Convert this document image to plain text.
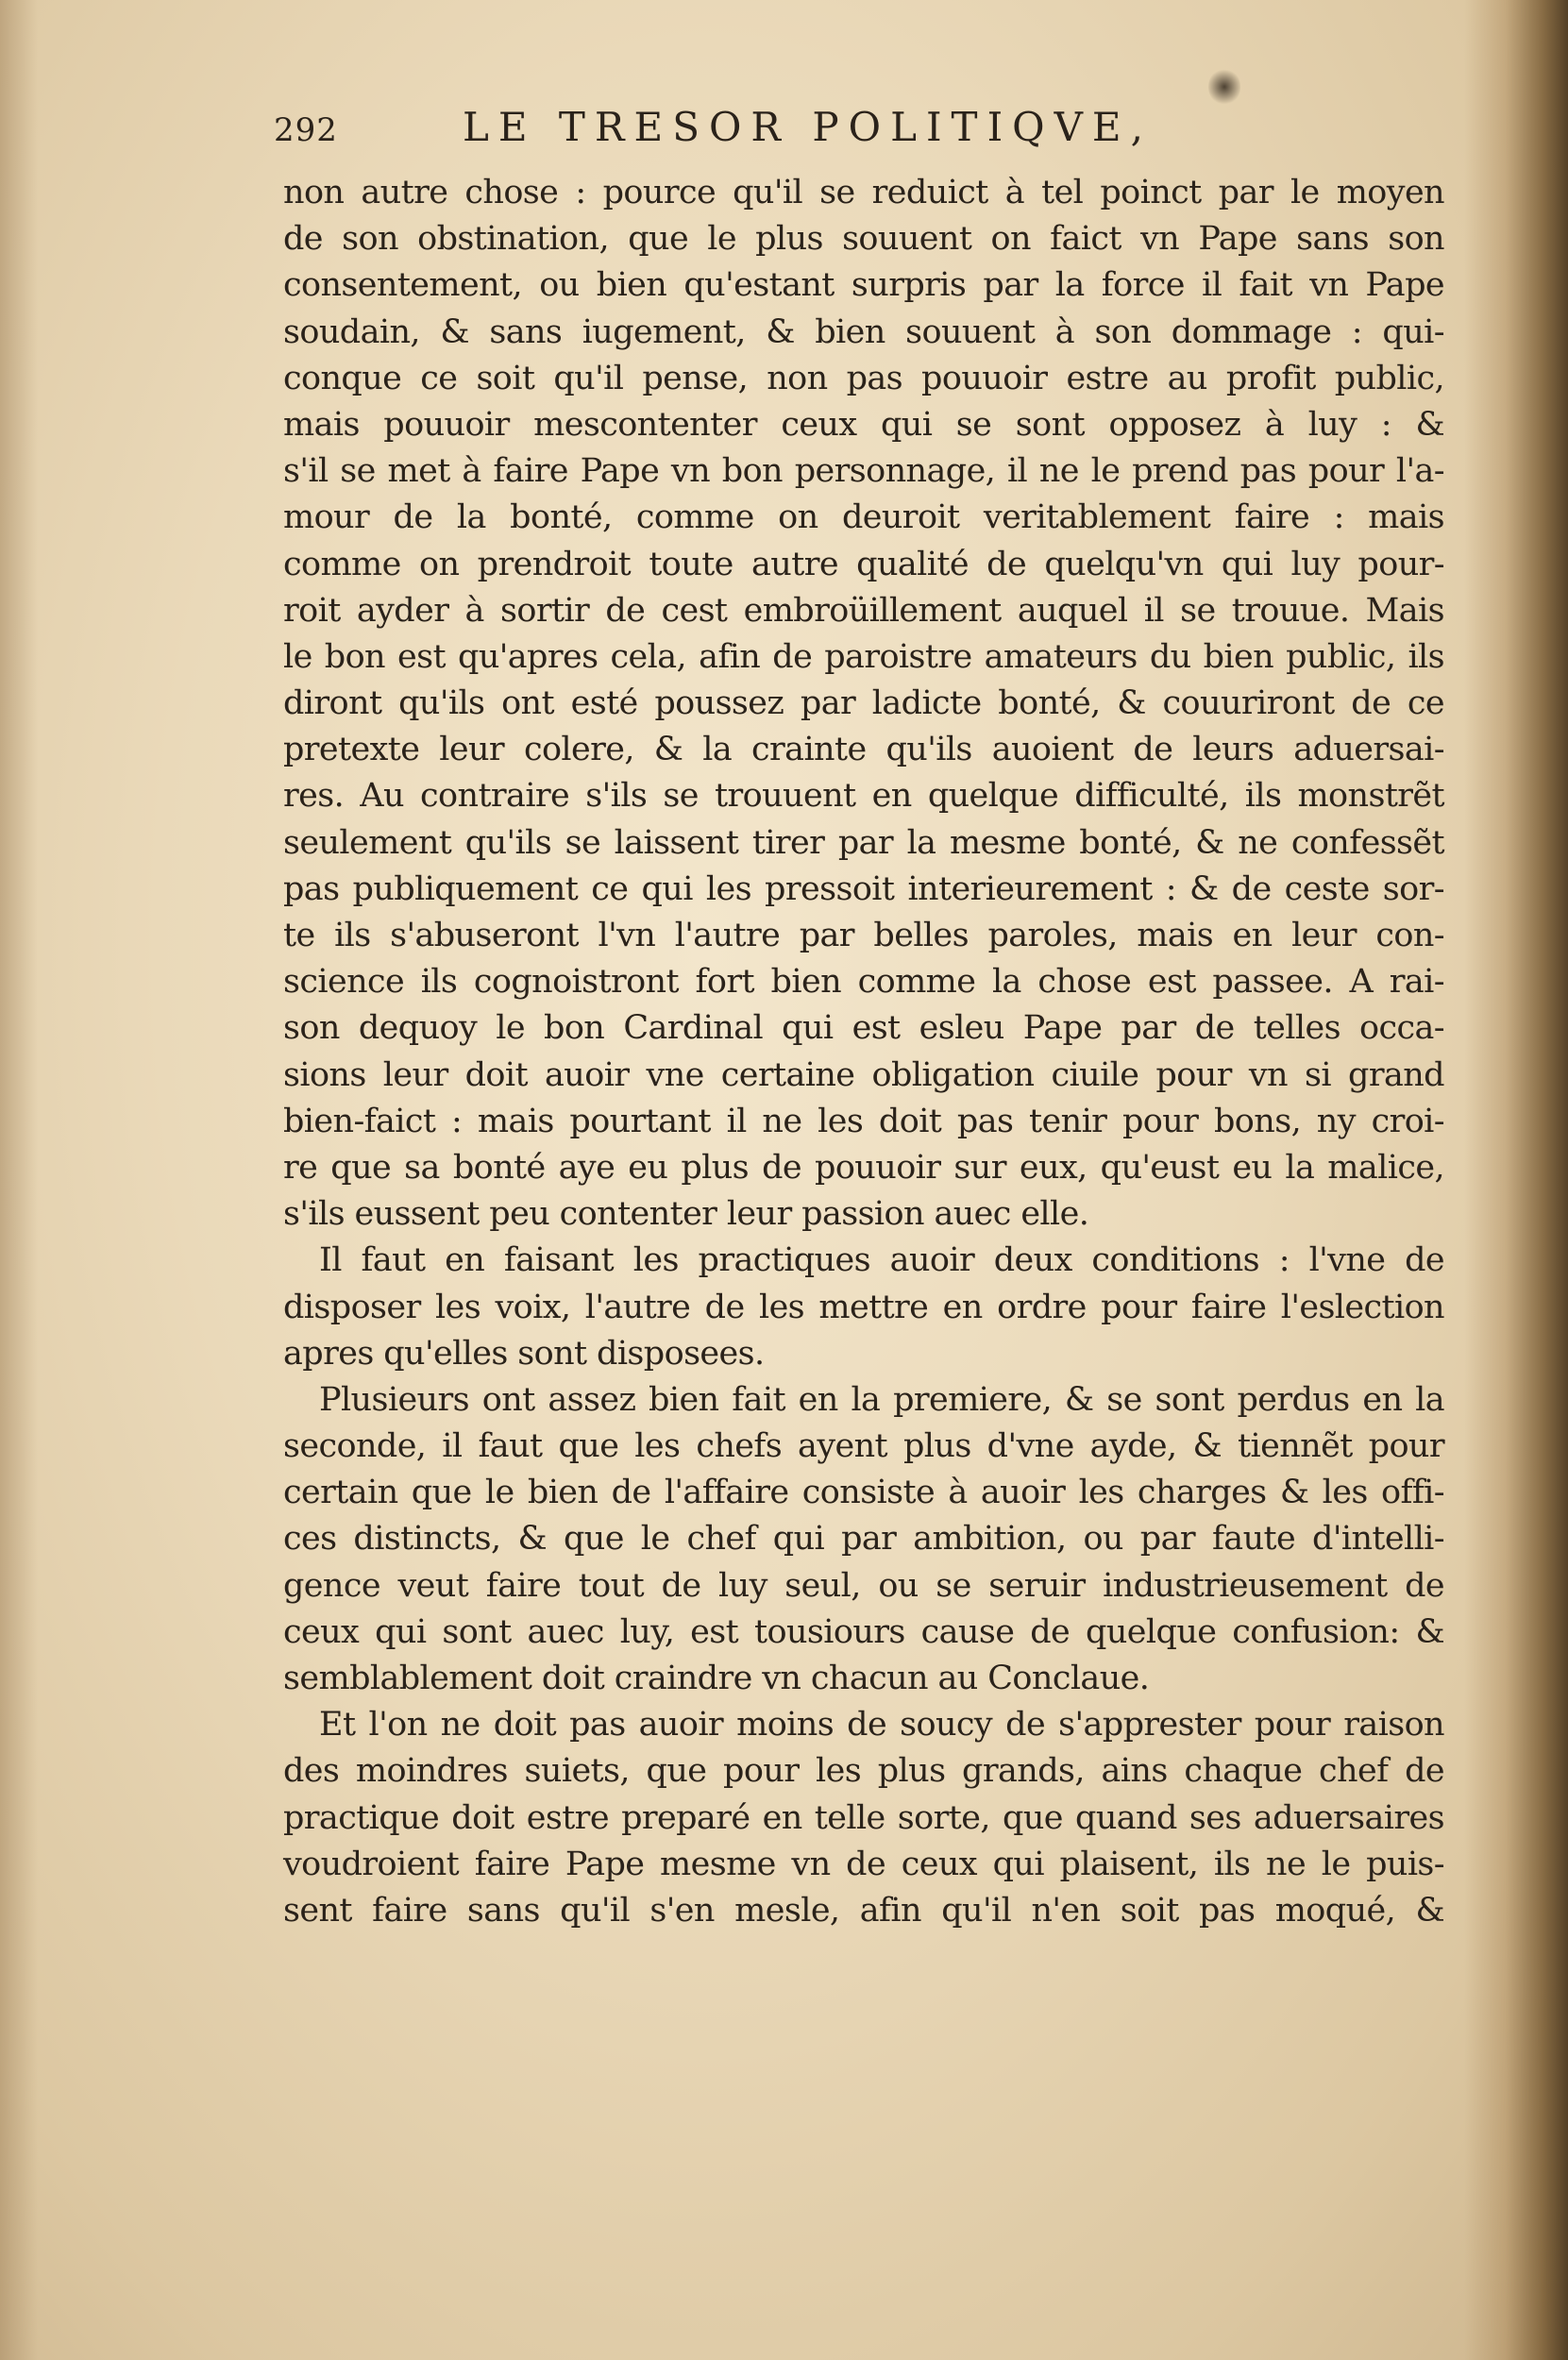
292	LE TRESOR POLITIQVE,
non autre chose : pource qu'il se reduict à tel poinct par le moyen
de son obstination, que le plus souuent on faict vn Pape sans son
consentement, ou bien qu'estant surpris par la force il fait vn Pape
soudain, & sans iugement, & bien souuent à son dommage : qui-
conque ce soit qu'il pense, non pas pouuoir estre au profit public,
mais pouuoir mescontenter ceux qui se sont opposez à luy : &
s'il se met à faire Pape vn bon personnage, il ne le prend pas pour l'a-
mour de la bonté, comme on deuroit veritablement faire : mais
comme on prendroit toute autre qualité de quelqu'vn qui luy pour-
roit ayder à sortir de cest embroüillement auquel il se trouue. Mais
le bon est qu'apres cela, afin de paroistre amateurs du bien public, ils
diront qu'ils ont esté poussez par ladicte bonté, & couuriront de ce
pretexte leur colere, & la crainte qu'ils auoient de leurs aduersai-
res. Au contraire s'ils se trouuent en quelque difficulté, ils monstrẽt
seulement qu'ils se laissent tirer par la mesme bonté, & ne confessẽt
pas publiquement ce qui les pressoit interieurement : & de ceste sor-
te ils s'abuseront l'vn l'autre par belles paroles, mais en leur con-
science ils cognoistront fort bien comme la chose est passee. A rai-
son dequoy le bon Cardinal qui est esleu Pape par de telles occa-
sions leur doit auoir vne certaine obligation ciuile pour vn si grand
bien-faict : mais pourtant il ne les doit pas tenir pour bons, ny croi-
re que sa bonté aye eu plus de pouuoir sur eux, qu'eust eu la malice,
s'ils eussent peu contenter leur passion auec elle.
Il faut en faisant les practiques auoir deux conditions : l'vne de
disposer les voix, l'autre de les mettre en ordre pour faire l'eslection
apres qu'elles sont disposees.
Plusieurs ont assez bien fait en la premiere, & se sont perdus en la
seconde, il faut que les chefs ayent plus d'vne ayde, & tiennẽt pour
certain que le bien de l'affaire consiste à auoir les charges & les offi-
ces distincts, & que le chef qui par ambition, ou par faute d'intelli-
gence veut faire tout de luy seul, ou se seruir industrieusement de
ceux qui sont auec luy, est tousiours cause de quelque confusion: &
semblablement doit craindre vn chacun au Conclaue.
Et l'on ne doit pas auoir moins de soucy de s'apprester pour raison
des moindres suiets, que pour les plus grands, ains chaque chef de
practique doit estre preparé en telle sorte, que quand ses aduersaires
voudroient faire Pape mesme vn de ceux qui plaisent, ils ne le puis-
sent faire sans qu'il s'en mesle, afin qu'il n'en soit pas moqué, &
